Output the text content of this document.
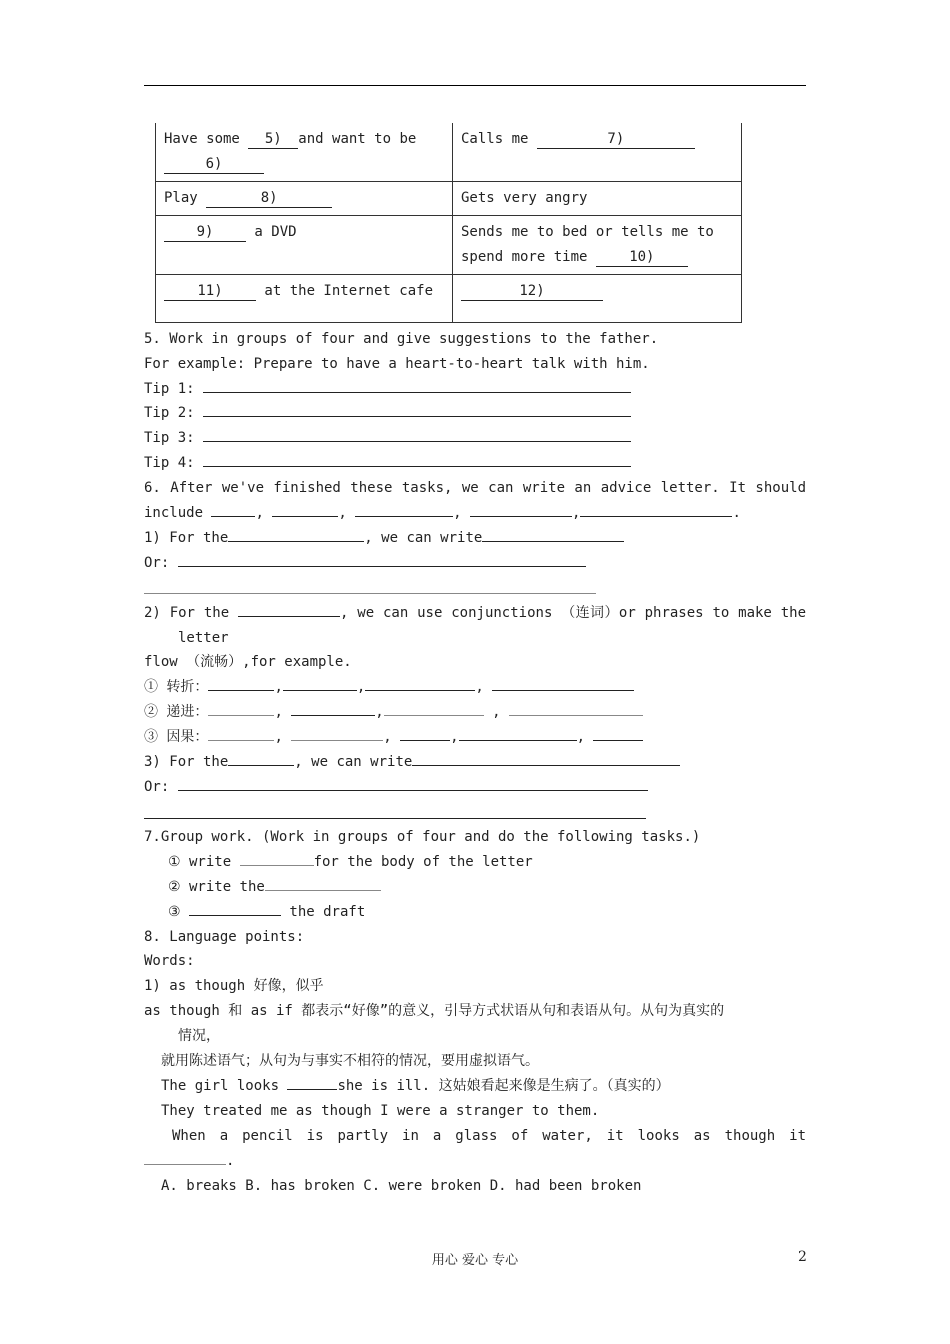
Have some 5) and want to be
6)	Calls me 7)
Play 8)	Gets very angry
9) a DVD	Sends me to bed or tells me to spend more time 10)
11) at the Internet cafe	12)
5. Work in groups of four and give suggestions to the father.
For example: Prepare to have a heart-to-heart talk with him.
Tip 1:
Tip 2:
Tip 3:
Tip 4:
6. After we've finished these tasks, we can write an advice letter. It should
include	,	,	,	,	.
1) For the	, we can write
Or:
2) For the	, we can use conjunctions （连词）or phrases to make the
letter
flow （流畅）,for example.
① 转折：	,	,	,
② 递进：	,	,	,
③ 因果：	,	,	,	,
3) For the	, we can write
Or:
7.Group work. (Work in groups of four and do the following tasks.)
① write	for the body of the letter
② write the
③	the draft
8. Language points:
Words:
1) as though 好像，似乎
as though 和 as if 都表示“好像”的意义，引导方式状语从句和表语从句。从句为真实的
情况，
就用陈述语气；从句为与事实不相符的情况，要用虚拟语气。
The girl looks	she is ill. 这姑娘看起来像是生病了。（真实的）
They treated me as though I were a stranger to them.
When a pencil is partly in a glass of water, it looks as though it
.
A. breaks B. has broken C. were broken D. had been broken
用心 爱心 专心	2
